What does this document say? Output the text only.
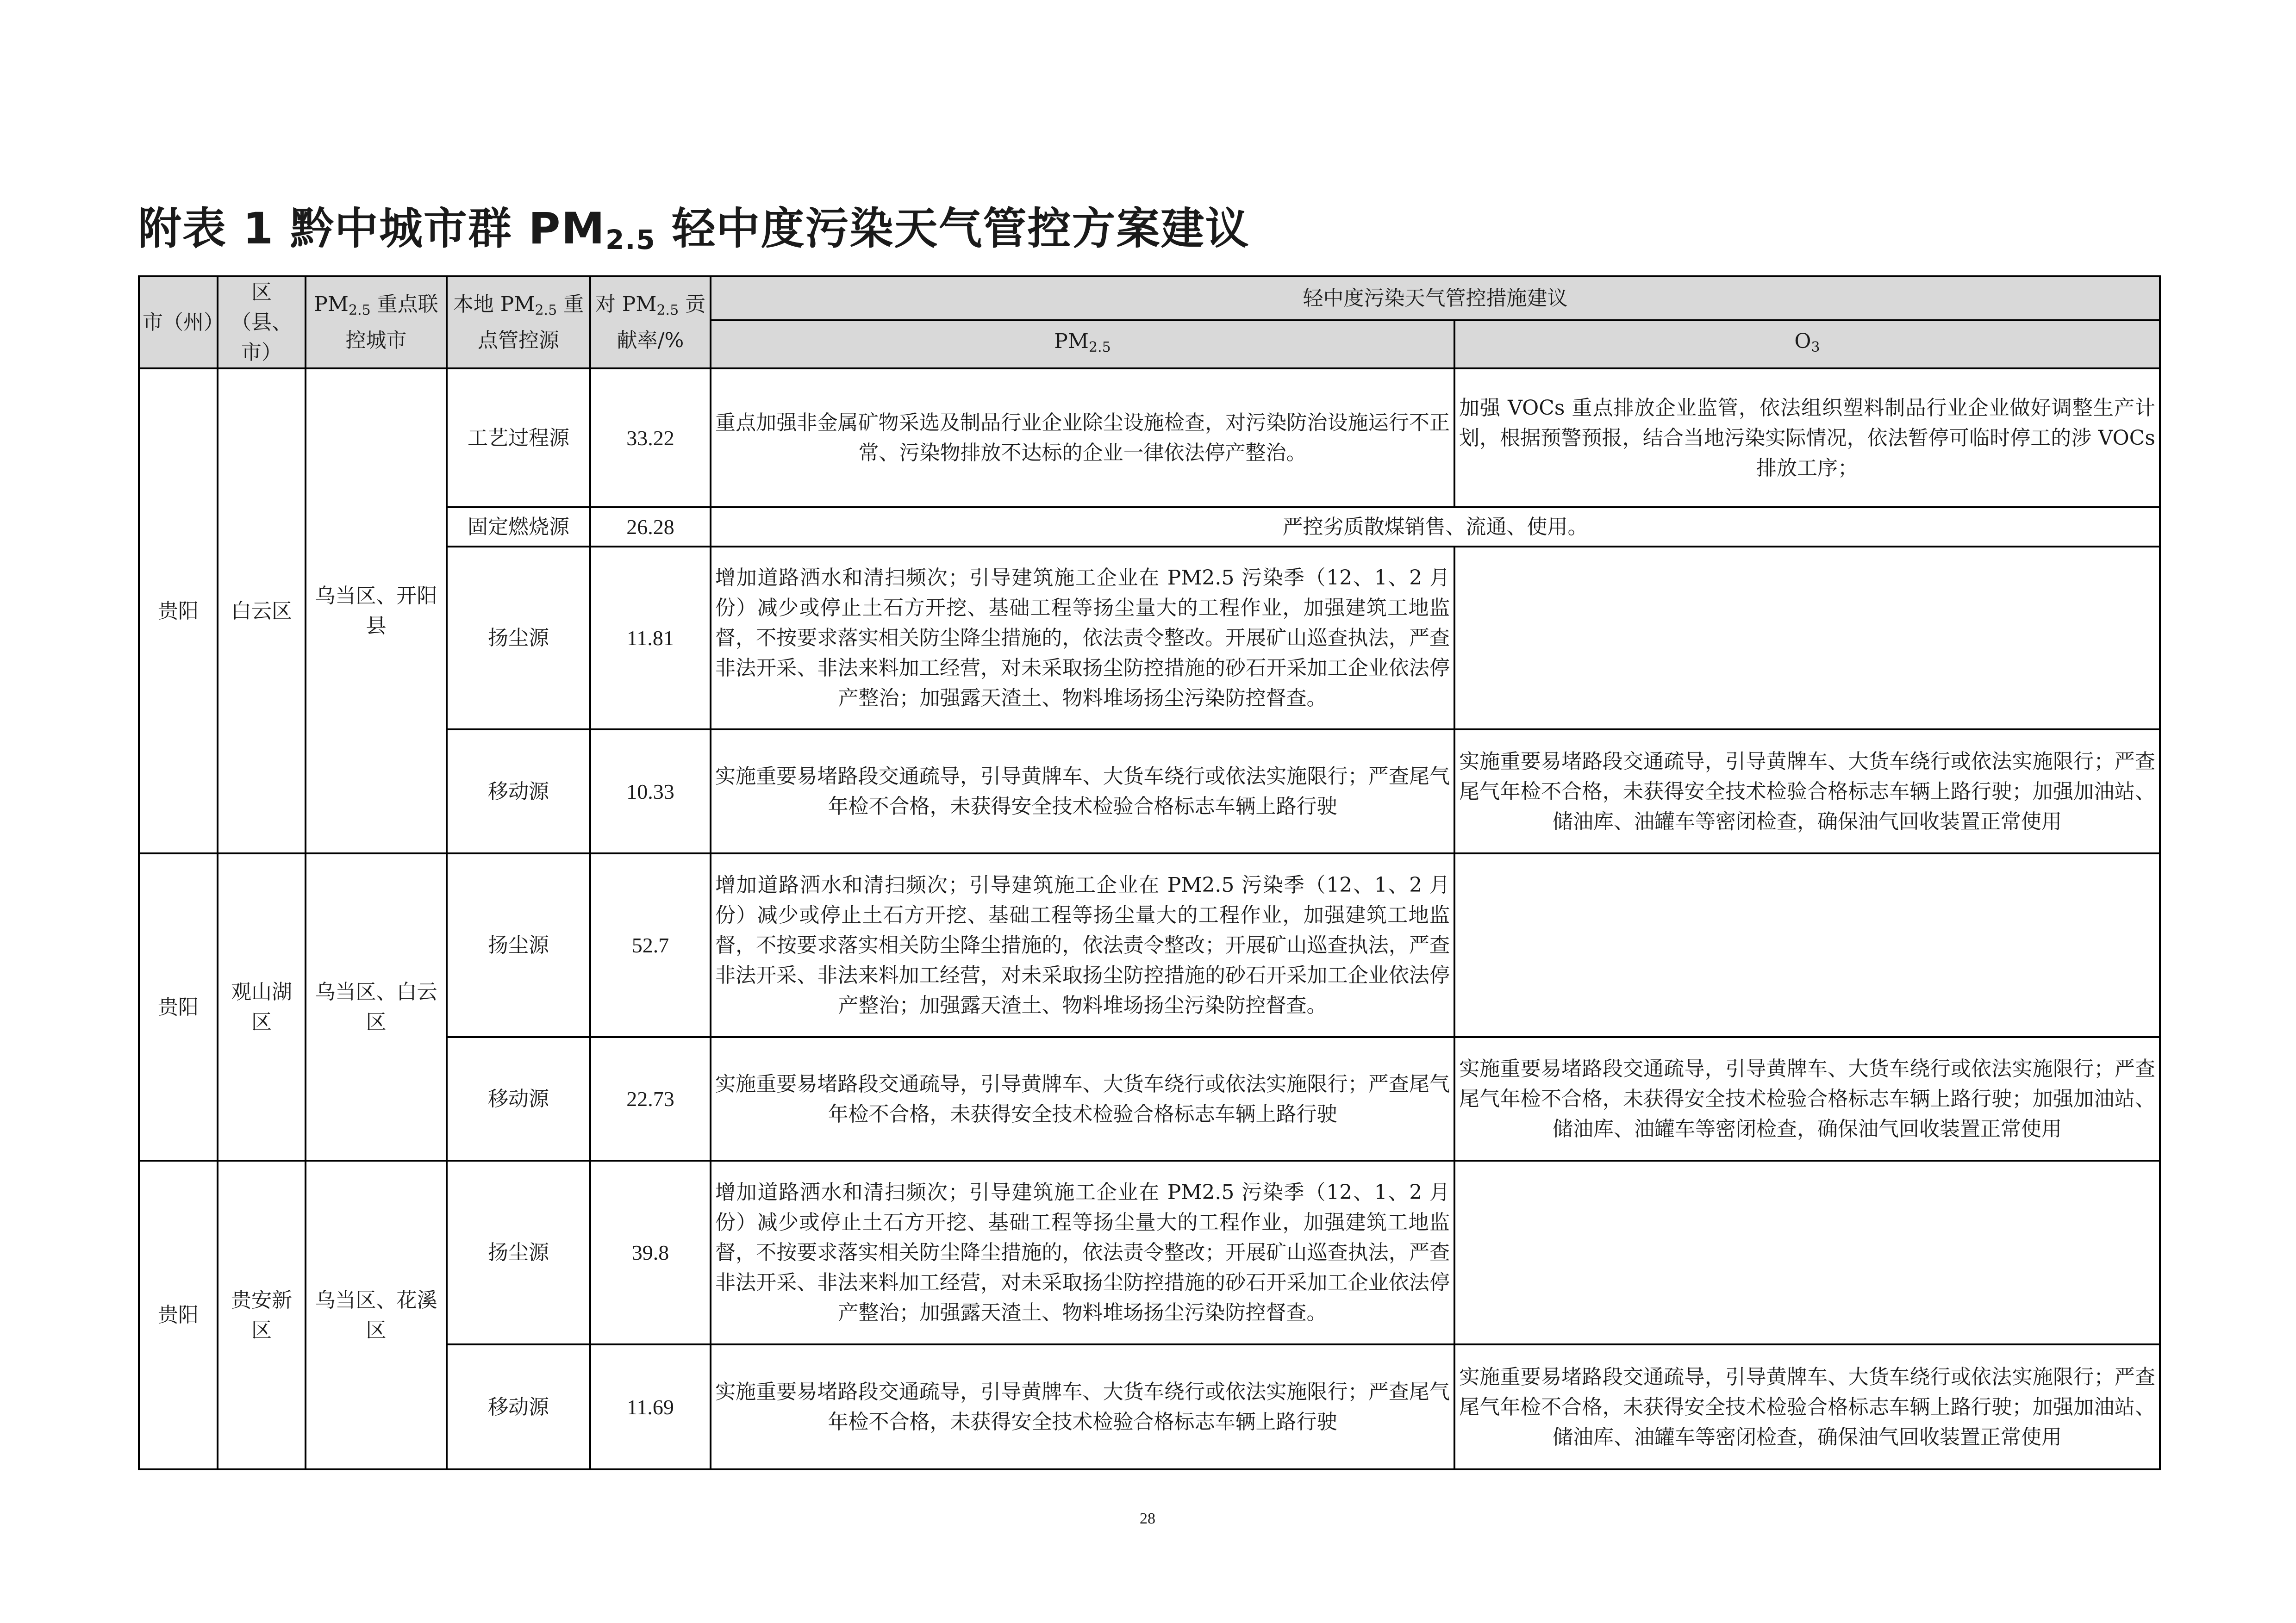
附表 1 黔中城市群 $PM_{2.5}$ 轻中度污染天气管控方案建议
市（州）	区（县、市）	PM2.5 重点联控城市	本地 PM2.5 重点管控源	对 PM2.5 贡献率/%	轻中度污染天气管控措施建议	
					PM2.5	O3
贵阳	白云区	乌当区、开阳县	工艺过程源	33.22	重点加强非金属矿物采选及制品行业企业除尘设施检查，对污染防治设施运行不正常、污染物排放不达标的企业一律依法停产整治。	加强 VOCs 重点排放企业监管，依法组织塑料制品行业企业做好调整生产计划，根据预警预报，结合当地污染实际情况，依法暂停可临时停工的涉 VOCs 排放工序；
			固定燃烧源	26.28	严控劣质散煤销售、流通、使用。	
			扬尘源	11.81	增加道路洒水和清扫频次；引导建筑施工企业在 PM2.5 污染季（12、1、2 月份）减少或停止土石方开挖、基础工程等扬尘量大的工程作业，加强建筑工地监督，不按要求落实相关防尘降尘措施的，依法责令整改。开展矿山巡查执法，严查非法开采、非法来料加工经营，对未采取扬尘防控措施的砂石开采加工企业依法停产整治；加强露天渣土、物料堆场扬尘污染防控督查。	
			移动源	10.33	实施重要易堵路段交通疏导，引导黄牌车、大货车绕行或依法实施限行；严查尾气年检不合格，未获得安全技术检验合格标志车辆上路行驶	实施重要易堵路段交通疏导，引导黄牌车、大货车绕行或依法实施限行；严查尾气年检不合格，未获得安全技术检验合格标志车辆上路行驶；加强加油站、储油库、油罐车等密闭检查，确保油气回收装置正常使用
贵阳	观山湖区	乌当区、白云区	扬尘源	52.7	增加道路洒水和清扫频次；引导建筑施工企业在 PM2.5 污染季（12、1、2 月份）减少或停止土石方开挖、基础工程等扬尘量大的工程作业，加强建筑工地监督，不按要求落实相关防尘降尘措施的，依法责令整改；开展矿山巡查执法，严查非法开采、非法来料加工经营，对未采取扬尘防控措施的砂石开采加工企业依法停产整治；加强露天渣土、物料堆场扬尘污染防控督查。	
			移动源	22.73	实施重要易堵路段交通疏导，引导黄牌车、大货车绕行或依法实施限行；严查尾气年检不合格，未获得安全技术检验合格标志车辆上路行驶	实施重要易堵路段交通疏导，引导黄牌车、大货车绕行或依法实施限行；严查尾气年检不合格，未获得安全技术检验合格标志车辆上路行驶；加强加油站、储油库、油罐车等密闭检查，确保油气回收装置正常使用
贵阳	贵安新区	乌当区、花溪区	扬尘源	39.8	增加道路洒水和清扫频次；引导建筑施工企业在 PM2.5 污染季（12、1、2 月份）减少或停止土石方开挖、基础工程等扬尘量大的工程作业，加强建筑工地监督，不按要求落实相关防尘降尘措施的，依法责令整改；开展矿山巡查执法，严查非法开采、非法来料加工经营，对未采取扬尘防控措施的砂石开采加工企业依法停产整治；加强露天渣土、物料堆场扬尘污染防控督查。	
			移动源	11.69	实施重要易堵路段交通疏导，引导黄牌车、大货车绕行或依法实施限行；严查尾气年检不合格，未获得安全技术检验合格标志车辆上路行驶	实施重要易堵路段交通疏导，引导黄牌车、大货车绕行或依法实施限行；严查尾气年检不合格，未获得安全技术检验合格标志车辆上路行驶；加强加油站、储油库、油罐车等密闭检查，确保油气回收装置正常使用
28
